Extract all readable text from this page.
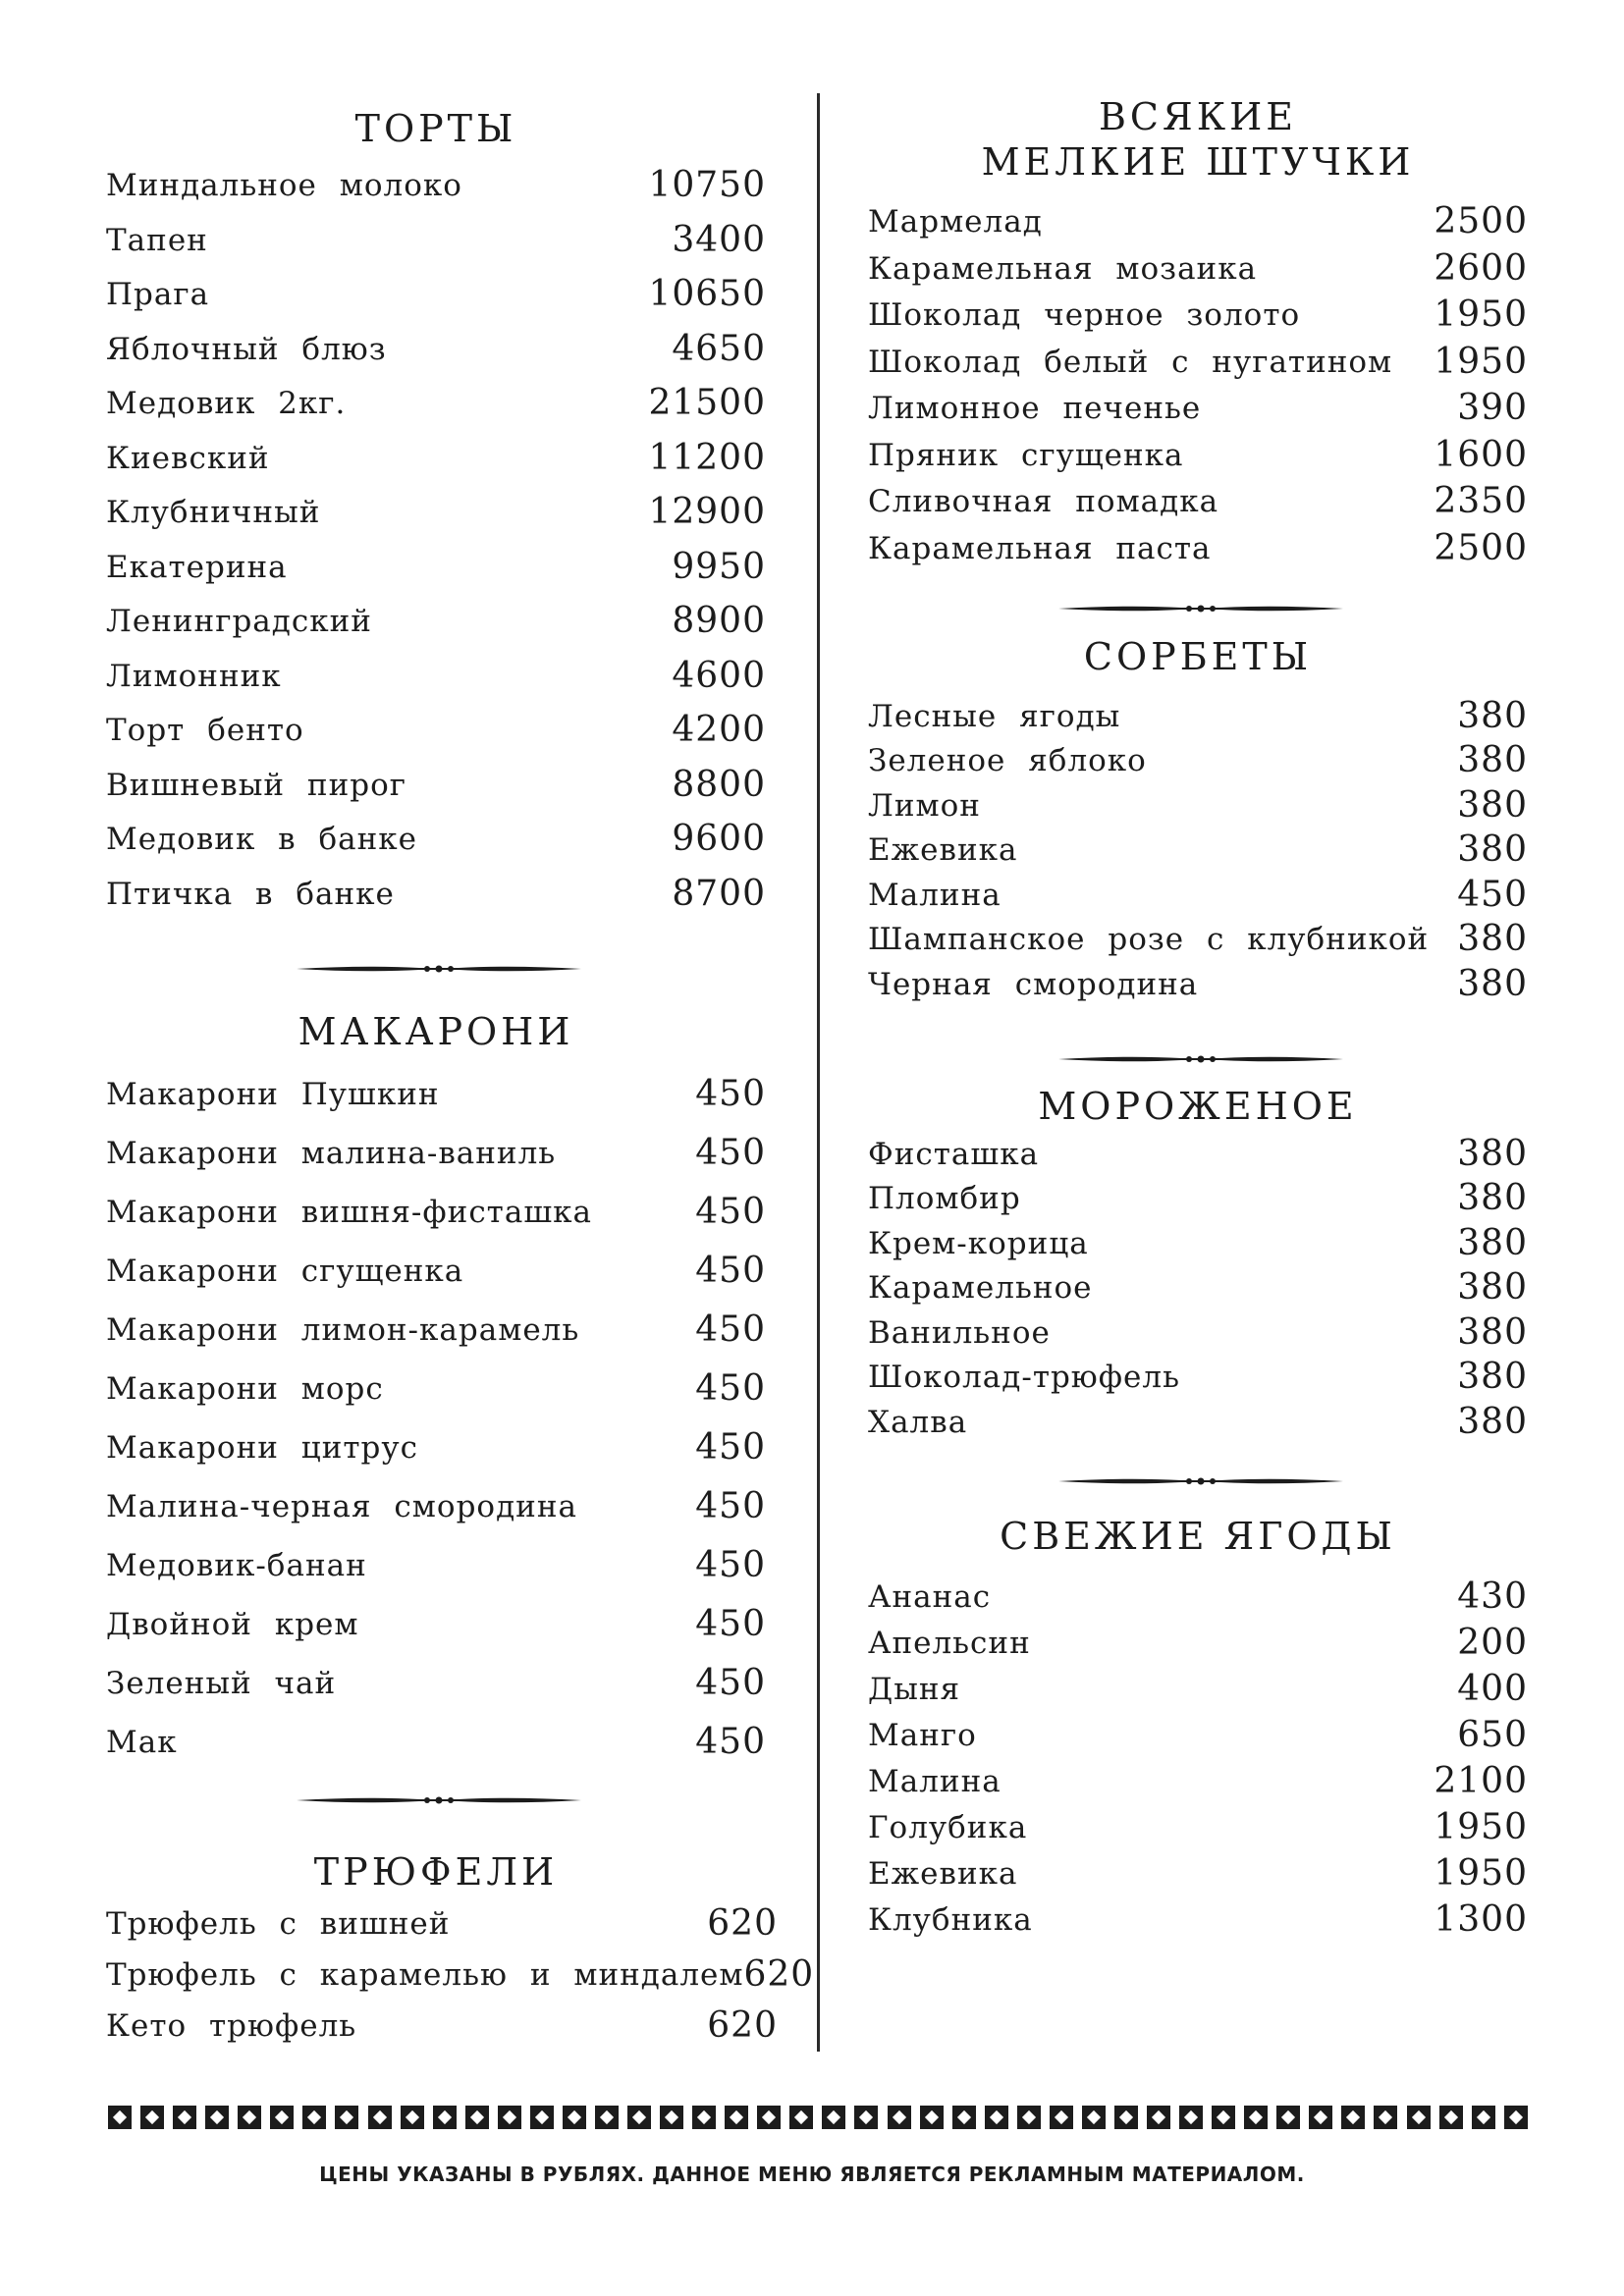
ТОРТЫ
Миндальное молоко	10750
Тапен	3400
Прага	10650
Яблочный блюз	4650
Медовик 2кг.	21500
Киевский	11200
Клубничный	12900
Екатерина	9950
Ленинградский	8900
Лимонник	4600
Торт бенто	4200
Вишневый пирог	8800
Медовик в банке	9600
Птичка в банке	8700
МАКАРОНИ
Макарони Пушкин	450
Макарони малина-ваниль	450
Макарони вишня-фисташка	450
Макарони сгущенка	450
Макарони лимон-карамель	450
Макарони морс	450
Макарони цитрус	450
Малина-черная смородина	450
Медовик-банан	450
Двойной крем	450
Зеленый чай	450
Мак	450
ТРЮФЕЛИ
Трюфель с вишней	620
Трюфель с карамелью и миндалем 620
Кето трюфель	620
ВСЯКИЕ
МЕЛКИЕ ШТУЧКИ
Мармелад	2500
Карамельная мозаика	2600
Шоколад черное золото	1950
Шоколад белый с нугатином 1950
Лимонное печенье	390
Пряник сгущенка	1600
Сливочная помадка	2350
Карамельная паста	2500
СОРБЕТЫ
Лесные ягоды	380
Зеленое яблоко	380
Лимон	380
Ежевика	380
Малина	450
Шампанское розе с клубникой 380
Черная смородина	380
МОРОЖЕНОЕ
Фисташка	380
Пломбир	380
Крем-корица	380
Карамельное	380
Ванильное	380
Шоколад-трюфель	380
Халва	380
СВЕЖИЕ ЯГОДЫ
Ананас	430
Апельсин	200
Дыня	400
Манго	650
Малина	2100
Голубика	1950
Ежевика	1950
Клубника	1300
ЦЕНЫ УКАЗАНЫ В РУБЛЯХ. ДАННОЕ МЕНЮ ЯВЛЯЕТСЯ РЕКЛАМНЫМ МАТЕРИАЛОМ.
